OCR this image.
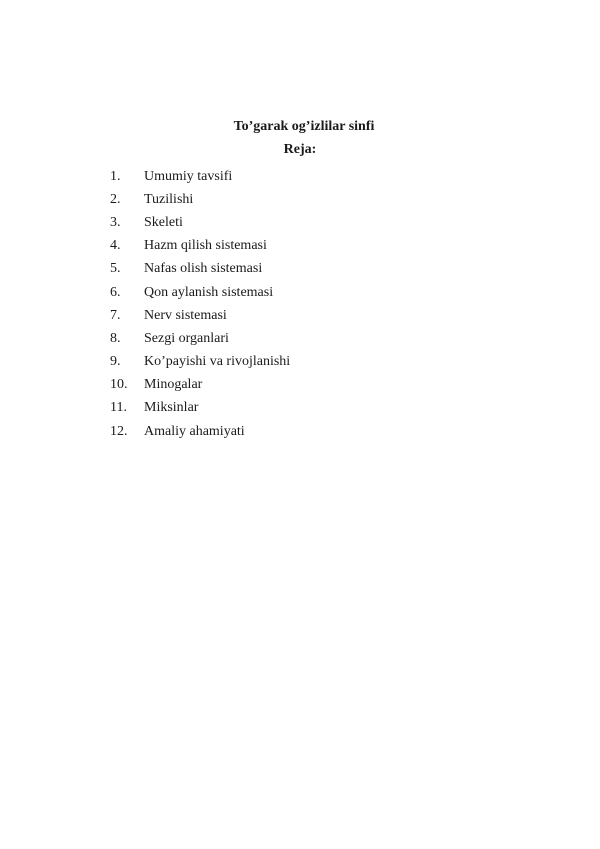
To’garak og’izlilar sinfi
Reja:
1.	Umumiy tavsifi
2.	Tuzilishi
3.	Skeleti
4.	Hazm qilish sistemasi
5.	Nafas olish sistemasi
6.	Qon aylanish sistemasi
7.	Nerv sistemasi
8.	Sezgi organlari
9.	Ko’payishi va rivojlanishi
10.	Minogalar
11.	Miksinlar
12.	Amaliy ahamiyati
